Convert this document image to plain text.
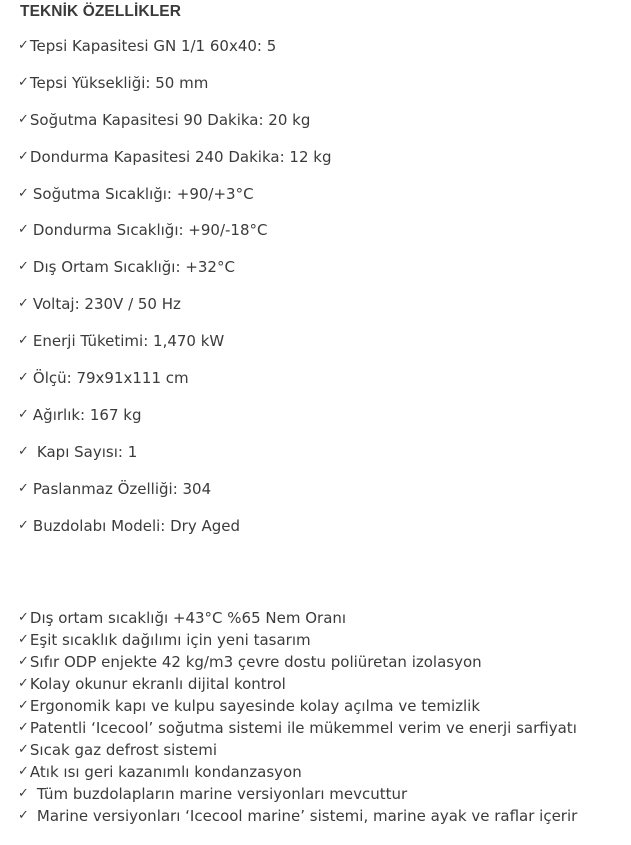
TEKNİK ÖZELLİKLER
✓ Tepsi Kapasitesi GN 1/1 60x40: 5
✓ Tepsi Yüksekliği: 50 mm
✓ Soğutma Kapasitesi 90 Dakika: 20 kg
✓ Dondurma Kapasitesi 240 Dakika: 12 kg
✓ Soğutma Sıcaklığı: +90/+3°C
✓ Dondurma Sıcaklığı: +90/-18°C
✓ Dış Ortam Sıcaklığı: +32°C
✓ Voltaj: 230V / 50 Hz
✓ Enerji Tüketimi: 1,470 kW
✓ Ölçü: 79x91x111 cm
✓ Ağırlık: 167 kg
✓ Kapı Sayısı: 1
✓ Paslanmaz Özelliği: 304
✓ Buzdolabı Modeli: Dry Aged
✓ Dış ortam sıcaklığı +43°C %65 Nem Oranı
✓ Eşit sıcaklık dağılımı için yeni tasarım
✓ Sıfır ODP enjekte 42 kg/m3 çevre dostu poliüretan izolasyon
✓ Kolay okunur ekranlı dijital kontrol
✓ Ergonomik kapı ve kulpu sayesinde kolay açılma ve temizlik
✓ Patentli ‘Icecool’ soğutma sistemi ile mükemmel verim ve enerji sarfiyatı
✓ Sıcak gaz defrost sistemi
✓ Atık ısı geri kazanımlı kondanzasyon
✓ Tüm buzdolapların marine versiyonları mevcuttur
✓ Marine versiyonları ‘Icecool marine’ sistemi, marine ayak ve raflar içerir
